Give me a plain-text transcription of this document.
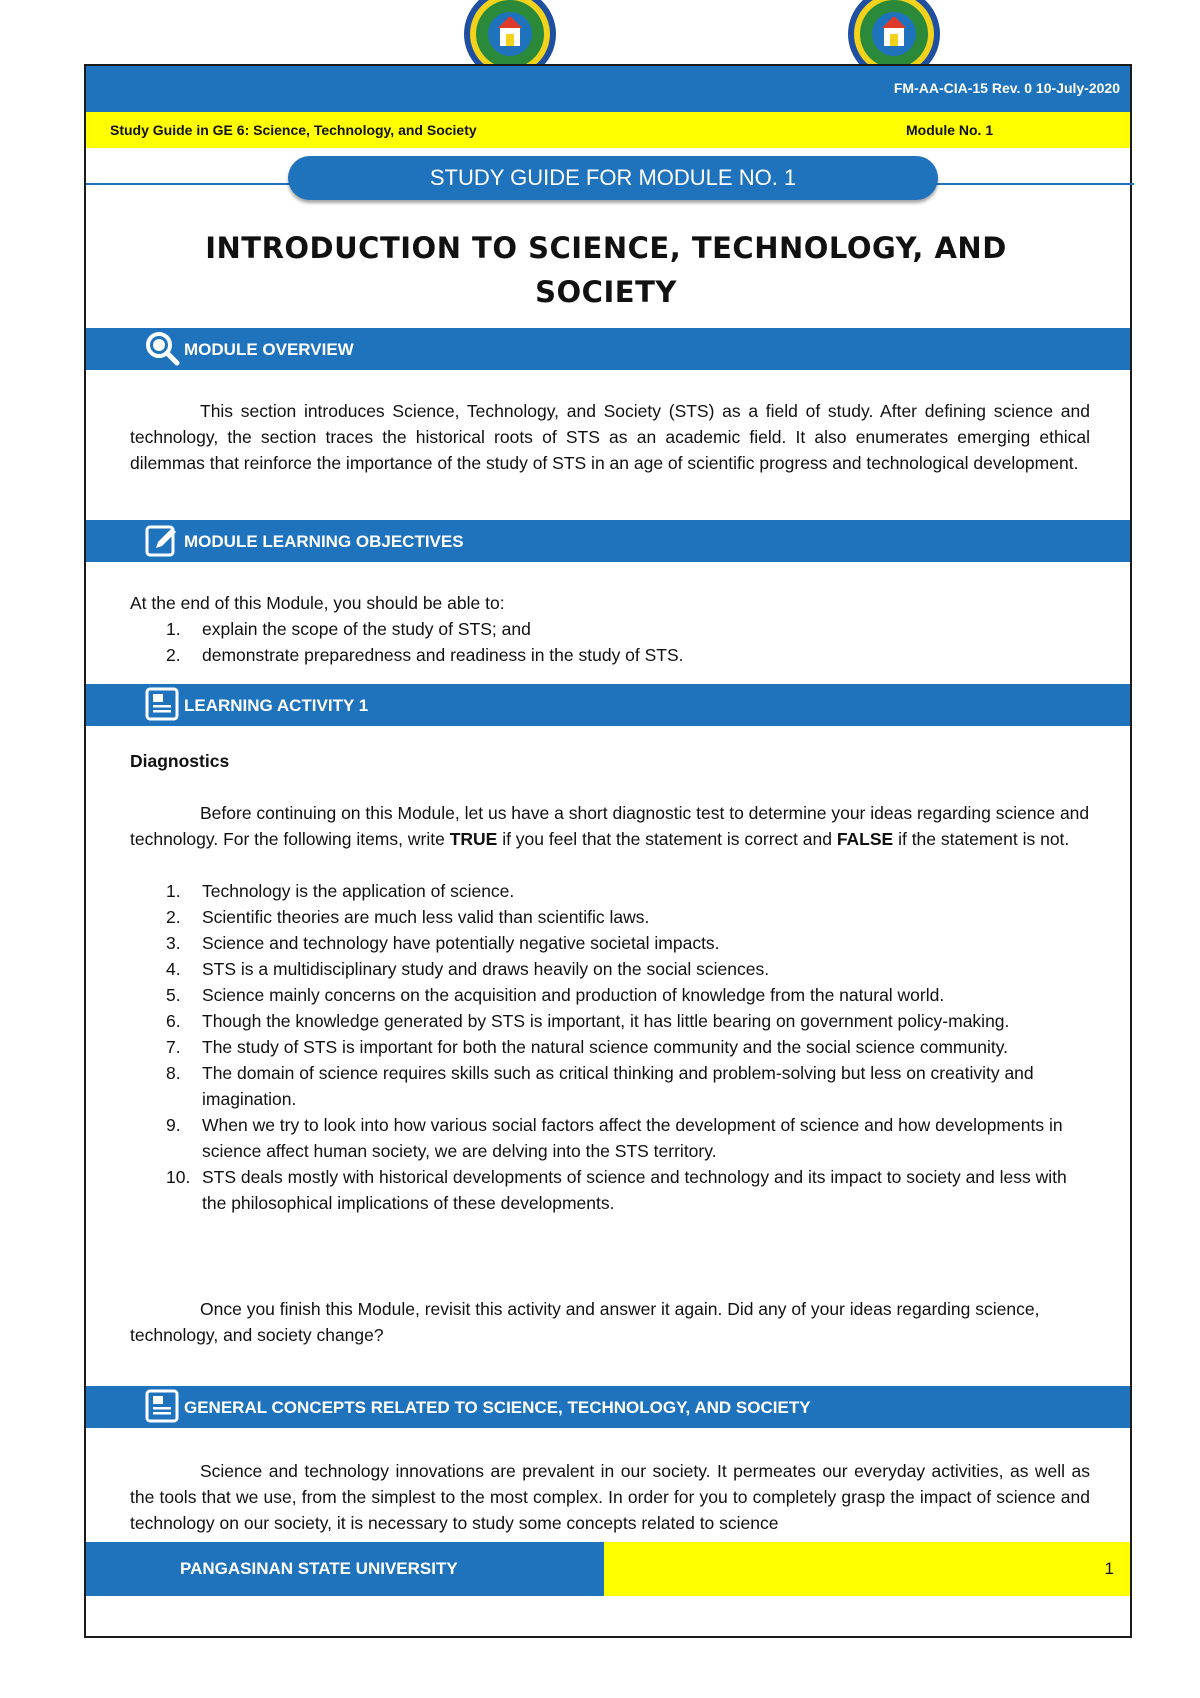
FM-AA-CIA-15 Rev. 0 10-July-2020
Study Guide in GE 6: Science, Technology, and Society	Module No. 1
STUDY GUIDE FOR MODULE NO. 1
INTRODUCTION TO SCIENCE, TECHNOLOGY, AND
SOCIETY
MODULE OVERVIEW
This section introduces Science, Technology, and Society (STS) as a field of study. After defining science and technology, the section traces the historical roots of STS as an academic field. It also enumerates emerging ethical dilemmas that reinforce the importance of the study of STS in an age of scientific progress and technological development.
MODULE LEARNING OBJECTIVES
At the end of this Module, you should be able to:
1.	explain the scope of the study of STS; and
2.	demonstrate preparedness and readiness in the study of STS.
LEARNING ACTIVITY 1
Diagnostics
Before continuing on this Module, let us have a short diagnostic test to determine your ideas regarding science and technology. For the following items, write TRUE if you feel that the statement is correct and FALSE if the statement is not.
1.	Technology is the application of science.
2.	Scientific theories are much less valid than scientific laws.
3.	Science and technology have potentially negative societal impacts.
4.	STS is a multidisciplinary study and draws heavily on the social sciences.
5.	Science mainly concerns on the acquisition and production of knowledge from the natural world.
6.	Though the knowledge generated by STS is important, it has little bearing on government policy-making.
7.	The study of STS is important for both the natural science community and the social science community.
8.	The domain of science requires skills such as critical thinking and problem-solving but less on creativity and imagination.
9.	When we try to look into how various social factors affect the development of science and how developments in science affect human society, we are delving into the STS territory.
10. STS deals mostly with historical developments of science and technology and its impact to society and less with the philosophical implications of these developments.
Once you finish this Module, revisit this activity and answer it again. Did any of your ideas regarding science, technology, and society change?
GENERAL CONCEPTS RELATED TO SCIENCE, TECHNOLOGY, AND SOCIETY
Science and technology innovations are prevalent in our society. It permeates our everyday activities, as well as the tools that we use, from the simplest to the most complex. In order for you to completely grasp the impact of science and technology on our society, it is necessary to study some concepts related to science
PANGASINAN STATE UNIVERSITY	1
